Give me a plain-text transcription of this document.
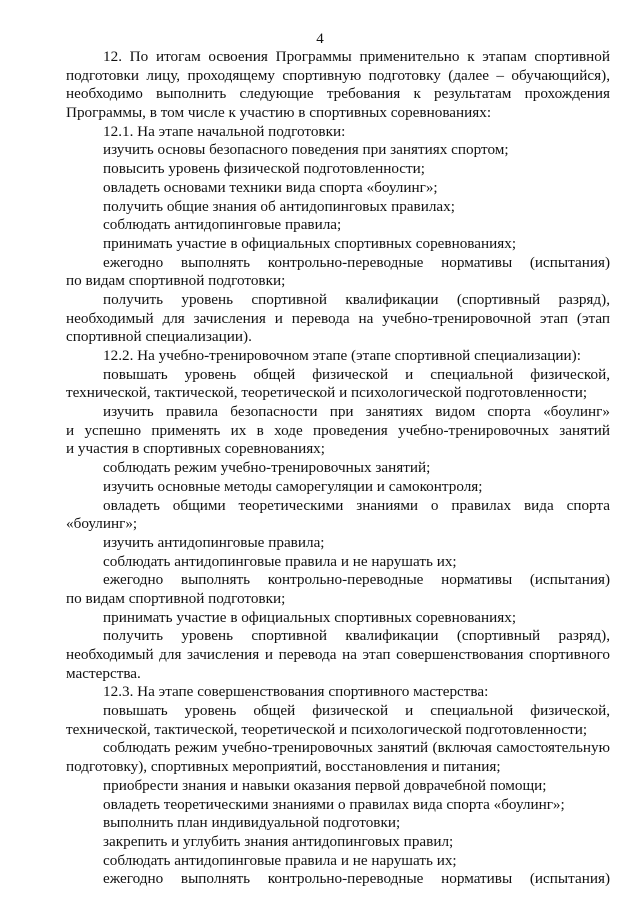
4
12. По итогам освоения Программы применительно к этапам спортивной
подготовки лицу, проходящему спортивную подготовку (далее – обучающийся),
необходимо выполнить следующие требования к результатам прохождения
Программы, в том числе к участию в спортивных соревнованиях:
12.1. На этапе начальной подготовки:
изучить основы безопасного поведения при занятиях спортом;
повысить уровень физической подготовленности;
овладеть основами техники вида спорта «боулинг»;
получить общие знания об антидопинговых правилах;
соблюдать антидопинговые правила;
принимать участие в официальных спортивных соревнованиях;
ежегодно выполнять контрольно-переводные нормативы (испытания)
по видам спортивной подготовки;
получить уровень спортивной квалификации (спортивный разряд),
необходимый для зачисления и перевода на учебно-тренировочной этап (этап
спортивной специализации).
12.2. На учебно-тренировочном этапе (этапе спортивной специализации):
повышать уровень общей физической и специальной физической,
технической, тактической, теоретической и психологической подготовленности;
изучить правила безопасности при занятиях видом спорта «боулинг»
и успешно применять их в ходе проведения учебно-тренировочных занятий
и участия в спортивных соревнованиях;
соблюдать режим учебно-тренировочных занятий;
изучить основные методы саморегуляции и самоконтроля;
овладеть общими теоретическими знаниями о правилах вида спорта
«боулинг»;
изучить антидопинговые правила;
соблюдать антидопинговые правила и не нарушать их;
ежегодно выполнять контрольно-переводные нормативы (испытания)
по видам спортивной подготовки;
принимать участие в официальных спортивных соревнованиях;
получить уровень спортивной квалификации (спортивный разряд),
необходимый для зачисления и перевода на этап совершенствования спортивного
мастерства.
12.3. На этапе совершенствования спортивного мастерства:
повышать уровень общей физической и специальной физической,
технической, тактической, теоретической и психологической подготовленности;
соблюдать режим учебно-тренировочных занятий (включая самостоятельную
подготовку), спортивных мероприятий, восстановления и питания;
приобрести знания и навыки оказания первой доврачебной помощи;
овладеть теоретическими знаниями о правилах вида спорта «боулинг»;
выполнить план индивидуальной подготовки;
закрепить и углубить знания антидопинговых правил;
соблюдать антидопинговые правила и не нарушать их;
ежегодно выполнять контрольно-переводные нормативы (испытания)
